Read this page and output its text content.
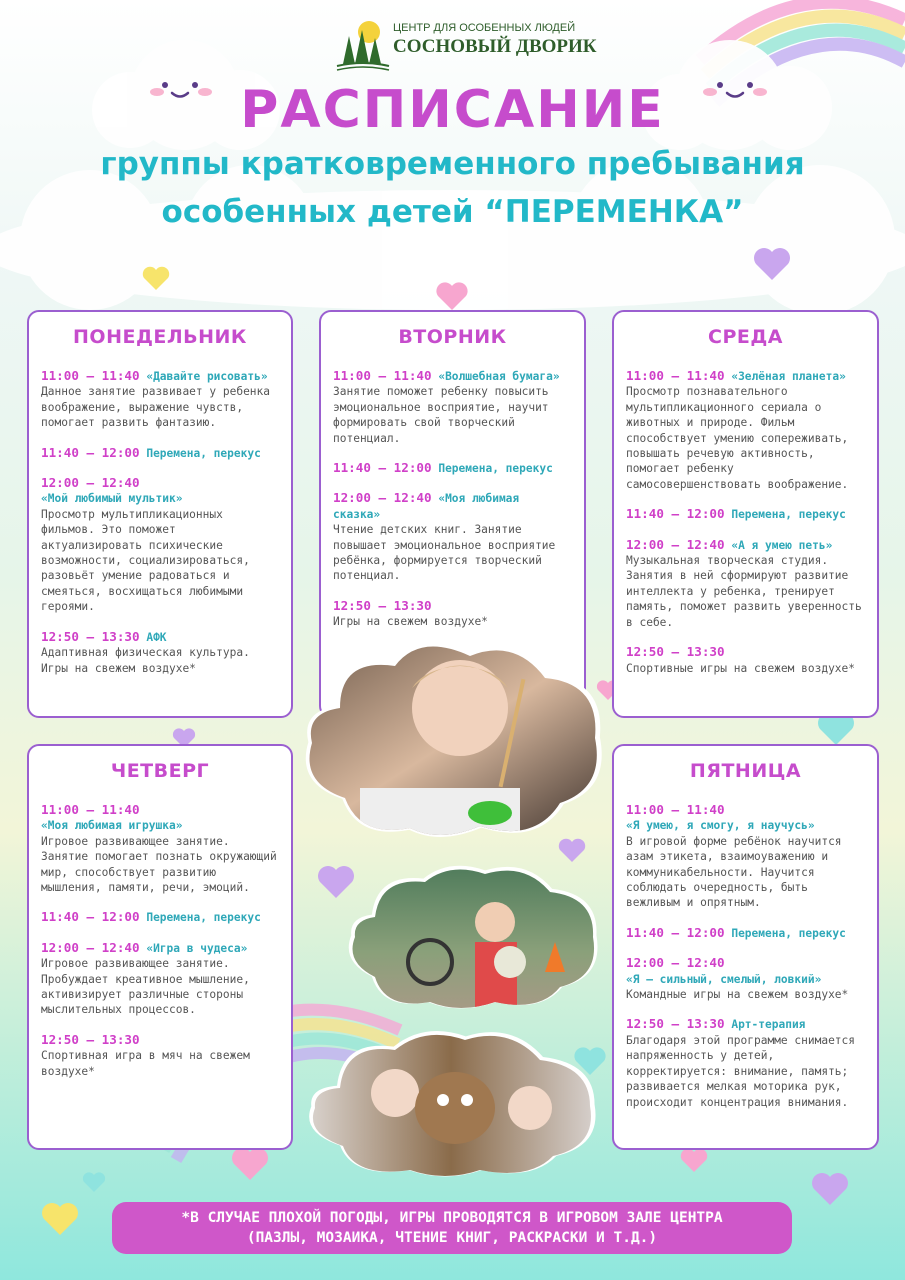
ЦЕНТР ДЛЯ ОСОБЕННЫХ ЛЮДЕЙ
СОСНОВЫЙ ДВОРИК
РАСПИСАНИЕ
группы кратковременного пребывания
особенных детей “ПЕРЕМЕНКА”
ПОНЕДЕЛЬНИК
11:00 – 11:40 «Давайте рисовать»
Данное занятие развивает у ребенка воображение, выражение чувств, помогает развить фантазию.
11:40 – 12:00 Перемена, перекус
12:00 – 12:40
«Мой любимый мультик»
Просмотр мультипликационных фильмов. Это поможет актуализировать психические возможности, социализироваться, разовьёт умение радоваться и смеяться, восхищаться любимыми героями.
12:50 – 13:30 АФК
Адаптивная физическая культура. Игры на свежем воздухе*
ВТОРНИК
11:00 – 11:40 «Волшебная бумага»
Занятие поможет ребенку повысить эмоциональное восприятие, научит формировать свой творческий потенциал.
11:40 – 12:00 Перемена, перекус
12:00 – 12:40 «Моя любимая сказка»
Чтение детских книг. Занятие повышает эмоциональное восприятие ребёнка, формируется творческий потенциал.
12:50 – 13:30
Игры на свежем воздухе*
СРЕДА
11:00 – 11:40 «Зелёная планета»
Просмотр познавательного мультипликационного сериала о животных и природе. Фильм способствует умению сопереживать, повышать речевую активность, помогает ребенку самосовершенствовать воображение.
11:40 – 12:00 Перемена, перекус
12:00 – 12:40 «А я умею петь»
Музыкальная творческая студия. Занятия в ней сформируют развитие интеллекта у ребенка, тренирует память, поможет развить уверенность в себе.
12:50 – 13:30
Спортивные игры на свежем воздухе*
ЧЕТВЕРГ
11:00 – 11:40
«Моя любимая игрушка»
Игровое развивающее занятие. Занятие помогает познать окружающий мир, способствует развитию мышления, памяти, речи, эмоций.
11:40 – 12:00 Перемена, перекус
12:00 – 12:40 «Игра в чудеса»
Игровое развивающее занятие. Пробуждает креативное мышление, активизирует различные стороны мыслительных процессов.
12:50 – 13:30
Спортивная игра в мяч на свежем воздухе*
ПЯТНИЦА
11:00 – 11:40
«Я умею, я смогу, я научусь»
В игровой форме ребёнок научится азам этикета, взаимоуважению и коммуникабельности. Научится соблюдать очередность, быть вежливым и опрятным.
11:40 – 12:00 Перемена, перекус
12:00 – 12:40
«Я – сильный, смелый, ловкий»
Командные игры на свежем воздухе*
12:50 – 13:30 Арт-терапия
Благодаря этой программе снимается напряженность у детей, корректируется: внимание, память; развивается мелкая моторика рук, происходит концентрация внимания.
*В СЛУЧАЕ ПЛОХОЙ ПОГОДЫ, ИГРЫ ПРОВОДЯТСЯ В ИГРОВОМ ЗАЛЕ ЦЕНТРА
(ПАЗЛЫ, МОЗАИКА, ЧТЕНИЕ КНИГ, РАСКРАСКИ И Т.Д.)
